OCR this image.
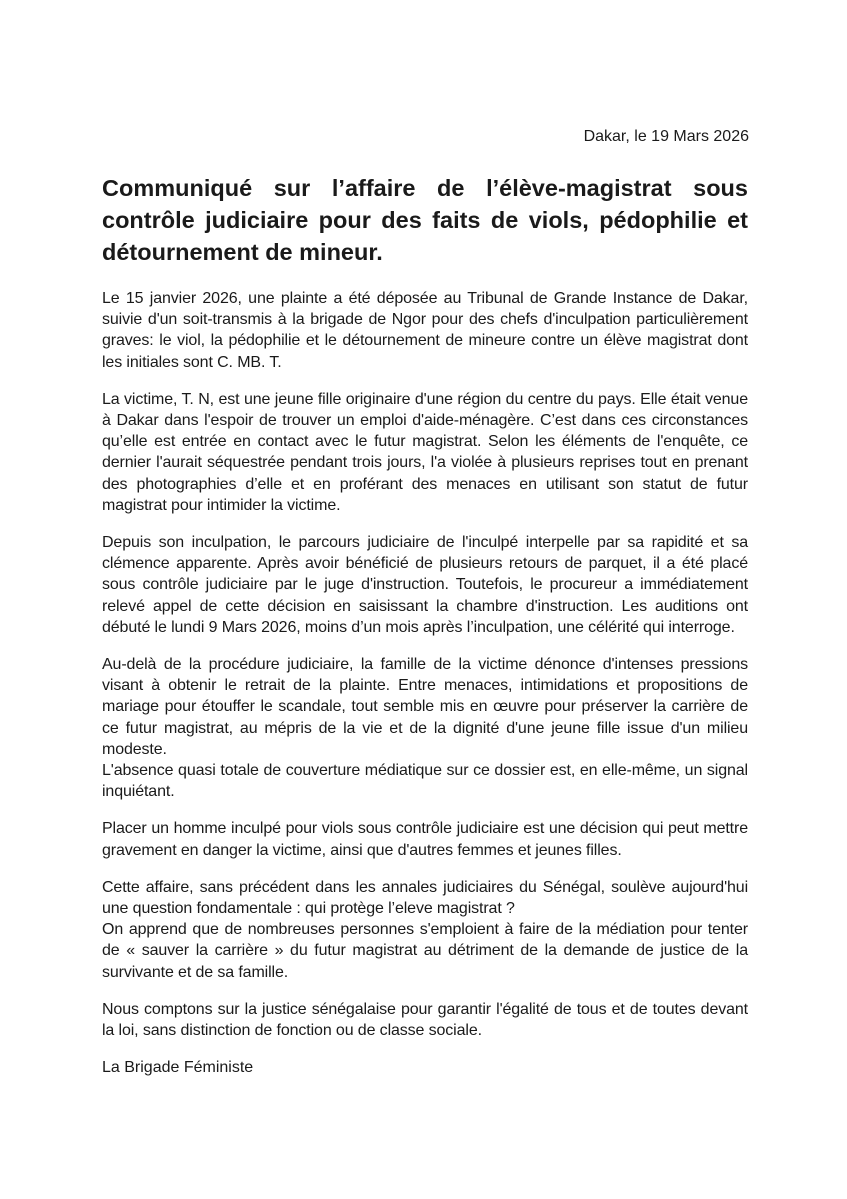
Dakar, le 19 Mars 2026
Communiqué sur l’affaire de l’élève-magistrat sous contrôle judiciaire pour des faits de viols, pédophilie et détournement de mineur.

Le 15 janvier 2026, une plainte a été déposée au Tribunal de Grande Instance de Dakar, suivie d'un soit-transmis à la brigade de Ngor pour des chefs d'inculpation particulièrement graves: le viol, la pédophilie et le détournement de mineure contre un élève magistrat dont les initiales sont C. MB. T.

La victime, T. N, est une jeune fille originaire d'une région du centre du pays. Elle était venue à Dakar dans l'espoir de trouver un emploi d'aide-ménagère. C’est dans ces circonstances qu’elle est entrée en contact avec le futur magistrat. Selon les éléments de l'enquête, ce dernier l'aurait séquestrée pendant trois jours, l'a violée à plusieurs reprises tout en prenant des photographies d’elle et en proférant des menaces en utilisant son statut de futur magistrat pour intimider la victime.

Depuis son inculpation, le parcours judiciaire de l'inculpé interpelle par sa rapidité et sa clémence apparente. Après avoir bénéficié de plusieurs retours de parquet, il a été placé sous contrôle judiciaire par le juge d'instruction. Toutefois, le procureur a immédiatement relevé appel de cette décision en saisissant la chambre d'instruction. Les auditions ont débuté le lundi 9 Mars 2026, moins d’un mois après l’inculpation, une célérité qui interroge.

Au-delà de la procédure judiciaire, la famille de la victime dénonce d'intenses pressions visant à obtenir le retrait de la plainte. Entre menaces, intimidations et propositions de mariage pour étouffer le scandale, tout semble mis en œuvre pour préserver la carrière de ce futur magistrat, au mépris de la vie et de la dignité d'une jeune fille issue d'un milieu modeste.

L'absence quasi totale de couverture médiatique sur ce dossier est, en elle-même, un signal inquiétant.

Placer un homme inculpé pour viols sous contrôle judiciaire est une décision qui peut mettre gravement en danger la victime, ainsi que d'autres femmes et jeunes filles.

Cette affaire, sans précédent dans les annales judiciaires du Sénégal, soulève aujourd'hui une question fondamentale : qui protège l’eleve magistrat ?

On apprend que de nombreuses personnes s'emploient à faire de la médiation pour tenter de « sauver la carrière » du futur magistrat au détriment de la demande de justice de la survivante et de sa famille.

Nous comptons sur la justice sénégalaise pour garantir l'égalité de tous et de toutes devant la loi, sans distinction de fonction ou de classe sociale.

La Brigade Féministe
